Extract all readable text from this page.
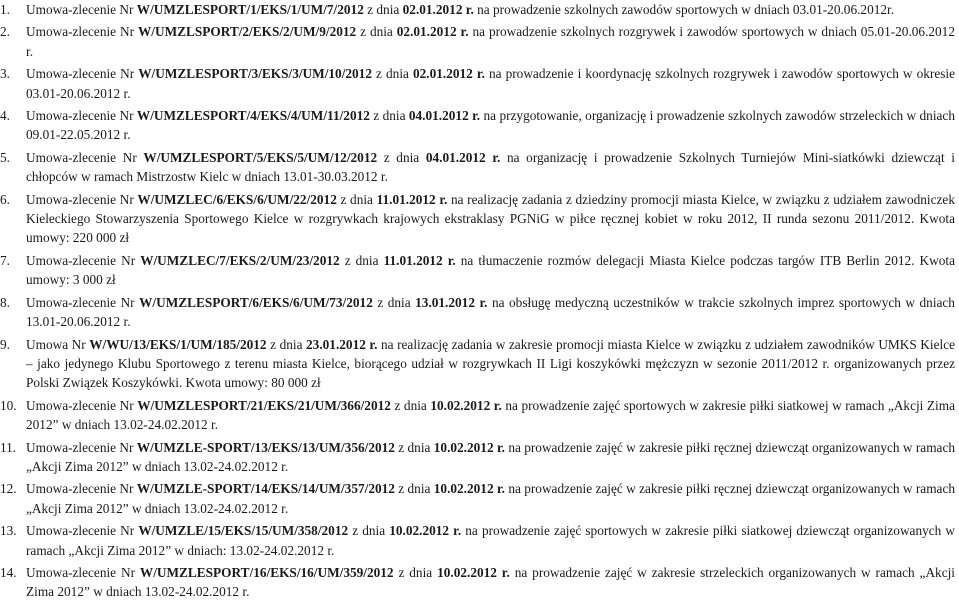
1. Umowa-zlecenie Nr W/UMZLESPORT/1/EKS/1/UM/7/2012 z dnia 02.01.2012 r. na prowadzenie szkolnych zawodów sportowych w dniach 03.01-20.06.2012r.

2. Umowa-zlecenie Nr W/UMZLSPORT/2/EKS/2/UM/9/2012 z dnia 02.01.2012 r. na prowadzenie szkolnych rozgrywek i zawodów sportowych w dniach 05.01-20.06.2012 r.

3. Umowa-zlecenie Nr W/UMZLESPORT/3/EKS/3/UM/10/2012 z dnia 02.01.2012 r. na prowadzenie i koordynację szkolnych rozgrywek i zawodów sportowych w okresie 03.01-20.06.2012 r.

4. Umowa-zlecenie Nr W/UMZLESPORT/4/EKS/4/UM/11/2012 z dnia 04.01.2012 r. na przygotowanie, organizację i prowadzenie szkolnych zawodów strzeleckich w dniach 09.01-22.05.2012 r.

5. Umowa-zlecenie Nr W/UMZLESPORT/5/EKS/5/UM/12/2012 z dnia 04.01.2012 r. na organizację i prowadzenie Szkolnych Turniejów Mini-siatkówki dziewcząt i chłopców w ramach Mistrzostw Kielc w dniach 13.01-30.03.2012 r.

6. Umowa-zlecenie Nr W/UMZLEC/6/EKS/6/UM/22/2012 z dnia 11.01.2012 r. na realizację zadania z dziedziny promocji miasta Kielce, w związku z udziałem zawodniczek Kieleckiego Stowarzyszenia Sportowego Kielce w rozgrywkach krajowych ekstraklasy PGNiG w piłce ręcznej kobiet w roku 2012, II runda sezonu 2011/2012. Kwota umowy: 220 000 zł

7. Umowa-zlecenie Nr W/UMZLEC/7/EKS/2/UM/23/2012 z dnia 11.01.2012 r. na tłumaczenie rozmów delegacji Miasta Kielce podczas targów ITB Berlin 2012. Kwota umowy: 3 000 zł

8. Umowa-zlecenie Nr W/UMZLESPORT/6/EKS/6/UM/73/2012 z dnia 13.01.2012 r. na obsługę medyczną uczestników w trakcie szkolnych imprez sportowych w dniach 13.01-20.06.2012 r.

9. Umowa Nr W/WU/13/EKS/1/UM/185/2012 z dnia 23.01.2012 r. na realizację zadania w zakresie promocji miasta Kielce w związku z udziałem zawodników UMKS Kielce – jako jedynego Klubu Sportowego z terenu miasta Kielce, biorącego udział w rozgrywkach II Ligi koszykówki mężczyzn w sezonie 2011/2012 r. organizowanych przez Polski Związek Koszykówki. Kwota umowy: 80 000 zł

10. Umowa-zlecenie Nr W/UMZLESPORT/21/EKS/21/UM/366/2012 z dnia 10.02.2012 r. na prowadzenie zajęć sportowych w zakresie piłki siatkowej w ramach „Akcji Zima 2012” w dniach 13.02-24.02.2012 r.

11. Umowa-zlecenie Nr W/UMZLE-SPORT/13/EKS/13/UM/356/2012 z dnia 10.02.2012 r. na prowadzenie zajęć w zakresie piłki ręcznej dziewcząt organizowanych w ramach „Akcji Zima 2012” w dniach 13.02-24.02.2012 r.

12. Umowa-zlecenie Nr W/UMZLE-SPORT/14/EKS/14/UM/357/2012 z dnia 10.02.2012 r. na prowadzenie zajęć w zakresie piłki ręcznej dziewcząt organizowanych w ramach „Akcji Zima 2012” w dniach 13.02-24.02.2012 r.

13. Umowa-zlecenie Nr W/UMZLE/15/EKS/15/UM/358/2012 z dnia 10.02.2012 r. na prowadzenie zajęć sportowych w zakresie piłki siatkowej dziewcząt organizowanych w ramach „Akcji Zima 2012” w dniach: 13.02-24.02.2012 r.

14. Umowa-zlecenie Nr W/UMZLESPORT/16/EKS/16/UM/359/2012 z dnia 10.02.2012 r. na prowadzenie zajęć w zakresie strzeleckich organizowanych w ramach „Akcji Zima 2012” w dniach 13.02-24.02.2012 r.
